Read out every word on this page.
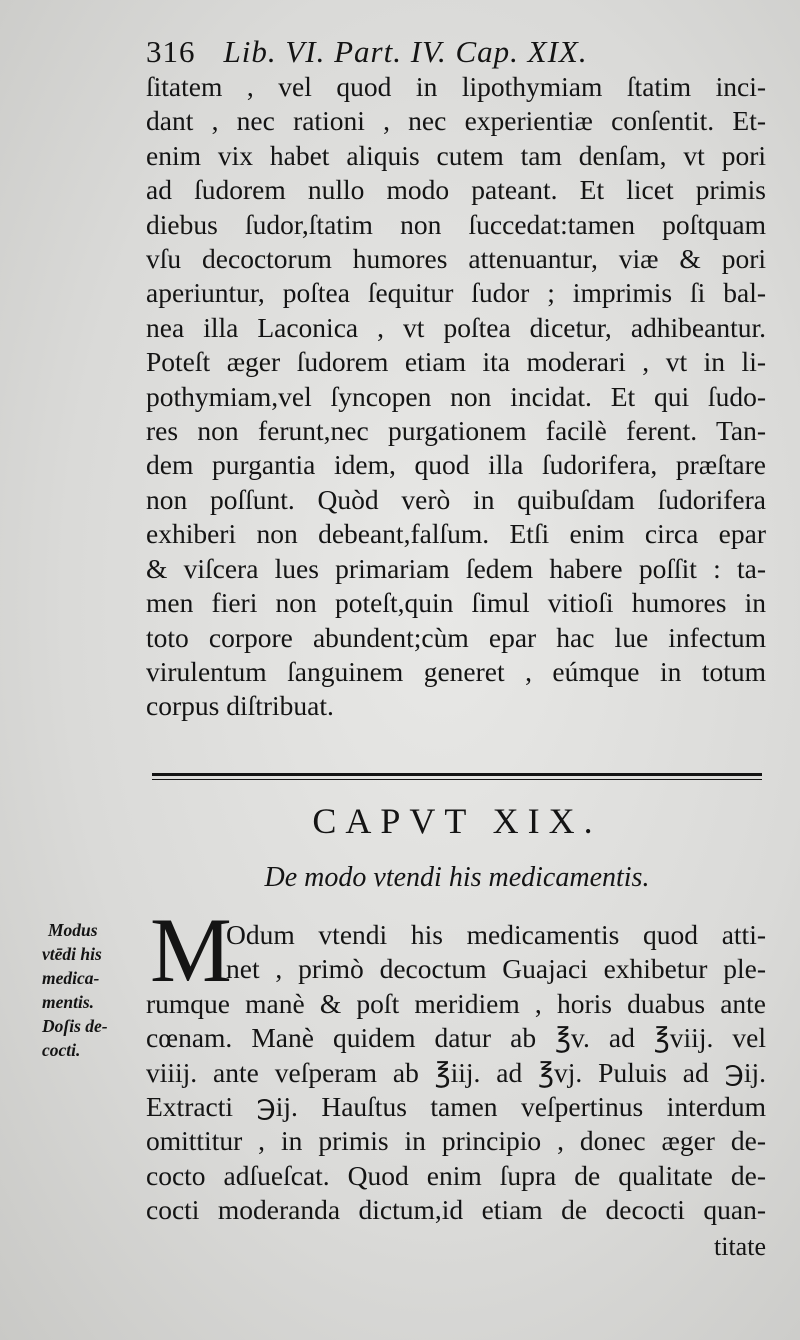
316 Lib. VI. Part. IV. Cap. XIX.
ſitatem , vel quod in lipothymiam ſtatim inci-
dant , nec rationi , nec experientiæ conſentit. Et-
enim vix habet aliquis cutem tam denſam, vt pori
ad ſudorem nullo modo pateant. Et licet primis
diebus ſudor,ſtatim non ſuccedat:tamen poſtquam
vſu decoctorum humores attenuantur, viæ & pori
aperiuntur, poſtea ſequitur ſudor ; imprimis ſi bal-
nea illa Laconica , vt poſtea dicetur, adhibeantur.
Poteſt æger ſudorem etiam ita moderari , vt in li-
pothymiam,vel ſyncopen non incidat. Et qui ſudo-
res non ferunt,nec purgationem facilè ferent. Tan-
dem purgantia idem, quod illa ſudorifera, præſtare
non poſſunt. Quòd verò in quibuſdam ſudorifera
exhiberi non debeant,falſum. Etſi enim circa epar
& viſcera lues primariam ſedem habere poſſit : ta-
men fieri non poteſt,quin ſimul vitioſi humores in
toto corpore abundent;cùm epar hac lue infectum
virulentum ſanguinem generet , eúmque in totum
corpus diſtribuat.
CAPVT XIX.
De modo vtendi his medicamentis.
Modus
vtēdi his
medica-
mentis.
Doſis de-
cocti.
M
Odum vtendi his medicamentis quod atti-
net , primò decoctum Guajaci exhibetur ple-
rumque manè & poſt meridiem , horis duabus ante
cœnam. Manè quidem datur ab ℥v. ad ℥viij. vel
viiij. ante veſperam ab ℥iij. ad ℥vj. Puluis ad ℈ij.
Extracti ℈ij. Hauſtus tamen veſpertinus interdum
omittitur , in primis in principio , donec æger de-
cocto adſueſcat. Quod enim ſupra de qualitate de-
cocti moderanda dictum,id etiam de decocti quan-
titate
